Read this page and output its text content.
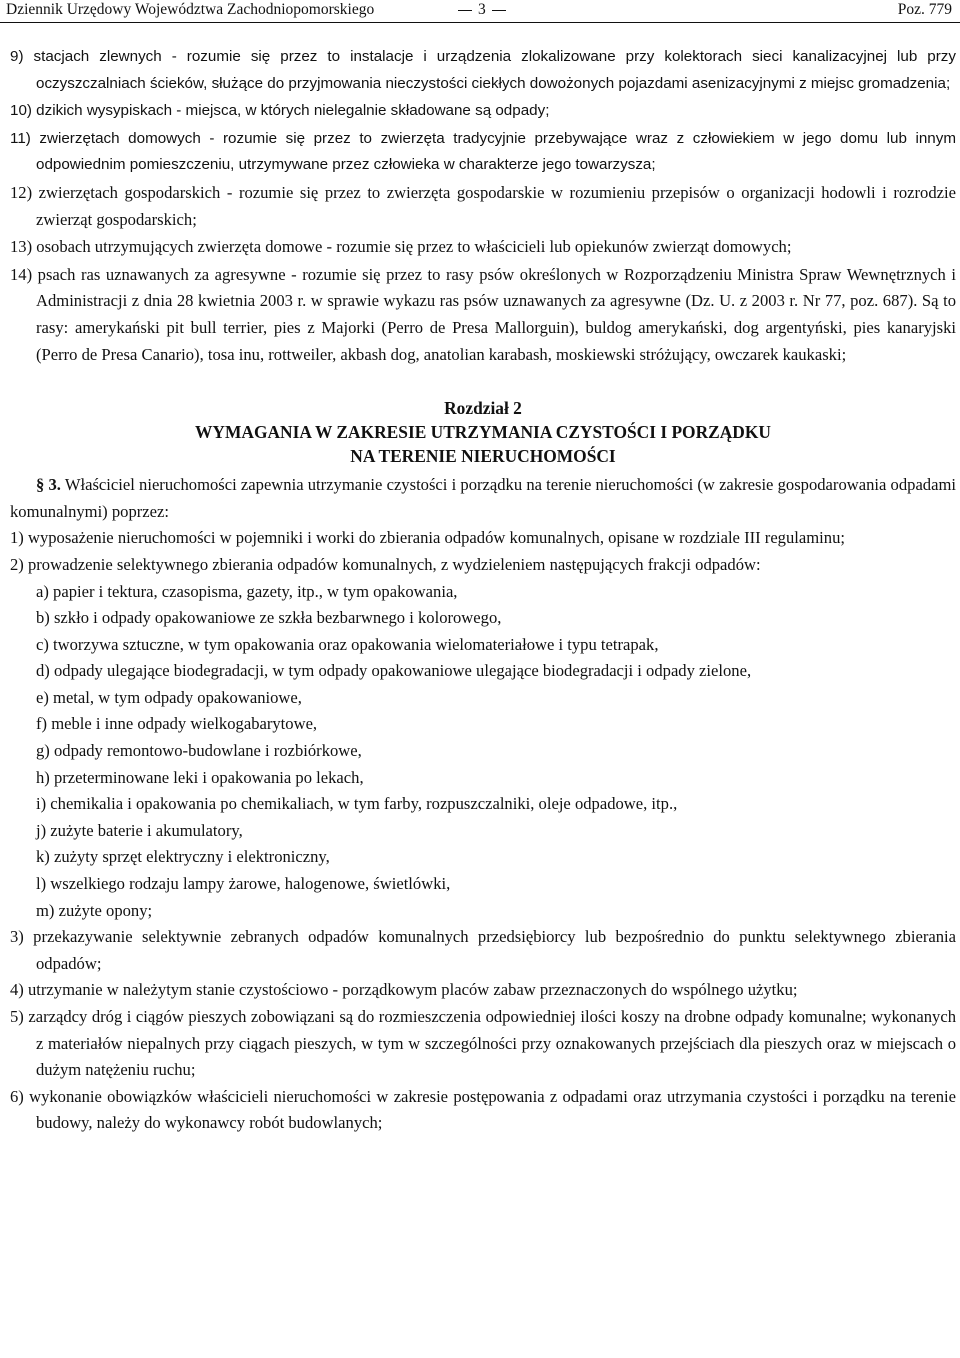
Dziennik Urzędowy Województwa Zachodniopomorskiego	3	Poz. 779

9) stacjach zlewnych - rozumie się przez to instalacje i urządzenia zlokalizowane przy kolektorach sieci kanalizacyjnej lub przy oczyszczalniach ścieków, służące do przyjmowania nieczystości ciekłych dowożonych pojazdami asenizacyjnymi z miejsc gromadzenia;

10) dzikich wysypiskach - miejsca, w których nielegalnie składowane są odpady;

11) zwierzętach domowych - rozumie się przez to zwierzęta tradycyjnie przebywające wraz z człowiekiem w jego domu lub innym odpowiednim pomieszczeniu, utrzymywane przez człowieka w charakterze jego towarzysza;

12) zwierzętach gospodarskich - rozumie się przez to zwierzęta gospodarskie w rozumieniu przepisów o organizacji hodowli i rozrodzie zwierząt gospodarskich;

13) osobach utrzymujących zwierzęta domowe - rozumie się przez to właścicieli lub opiekunów zwierząt domowych;

14) psach ras uznawanych za agresywne - rozumie się przez to rasy psów określonych w Rozporządzeniu Ministra Spraw Wewnętrznych i Administracji z dnia 28 kwietnia 2003 r. w sprawie wykazu ras psów uznawanych za agresywne (Dz. U. z 2003 r. Nr 77, poz. 687). Są to rasy: amerykański pit bull terrier, pies z Majorki (Perro de Presa Mallorguin), buldog amerykański, dog argentyński, pies kanaryjski (Perro de Presa Canario), tosa inu, rottweiler, akbash dog, anatolian karabash, moskiewski stróżujący, owczarek kaukaski;

Rozdział 2

WYMAGANIA W ZAKRESIE UTRZYMANIA CZYSTOŚCI I PORZĄDKU

NA TERENIE NIERUCHOMOŚCI

§ 3. Właściciel nieruchomości zapewnia utrzymanie czystości i porządku na terenie nieruchomości (w zakresie gospodarowania odpadami komunalnymi) poprzez:

1) wyposażenie nieruchomości w pojemniki i worki do zbierania odpadów komunalnych, opisane w rozdziale III regulaminu;

2) prowadzenie selektywnego zbierania odpadów komunalnych, z wydzieleniem następujących frakcji odpadów:

a) papier i tektura, czasopisma, gazety, itp., w tym opakowania,

b) szkło i odpady opakowaniowe ze szkła bezbarwnego i kolorowego,

c) tworzywa sztuczne, w tym opakowania oraz opakowania wielomateriałowe i typu tetrapak,

d) odpady ulegające biodegradacji, w tym odpady opakowaniowe ulegające biodegradacji i odpady zielone,

e) metal, w tym odpady opakowaniowe,

f) meble i inne odpady wielkogabarytowe,

g) odpady remontowo-budowlane i rozbiórkowe,

h) przeterminowane leki i opakowania po lekach,

i) chemikalia i opakowania po chemikaliach, w tym farby, rozpuszczalniki, oleje odpadowe, itp.,

j) zużyte baterie i akumulatory,

k) zużyty sprzęt elektryczny i elektroniczny,

l) wszelkiego rodzaju lampy żarowe, halogenowe, świetlówki,

m) zużyte opony;

3) przekazywanie selektywnie zebranych odpadów komunalnych przedsiębiorcy lub bezpośrednio do punktu selektywnego zbierania odpadów;

4) utrzymanie w należytym stanie czystościowo - porządkowym placów zabaw przeznaczonych do wspólnego użytku;

5) zarządcy dróg i ciągów pieszych zobowiązani są do rozmieszczenia odpowiedniej ilości koszy na drobne odpady komunalne; wykonanych z materiałów niepalnych przy ciągach pieszych, w tym w szczególności przy oznakowanych przejściach dla pieszych oraz w miejscach o dużym natężeniu ruchu;

6) wykonanie obowiązków właścicieli nieruchomości w zakresie postępowania z odpadami oraz utrzymania czystości i porządku na terenie budowy, należy do wykonawcy robót budowlanych;
